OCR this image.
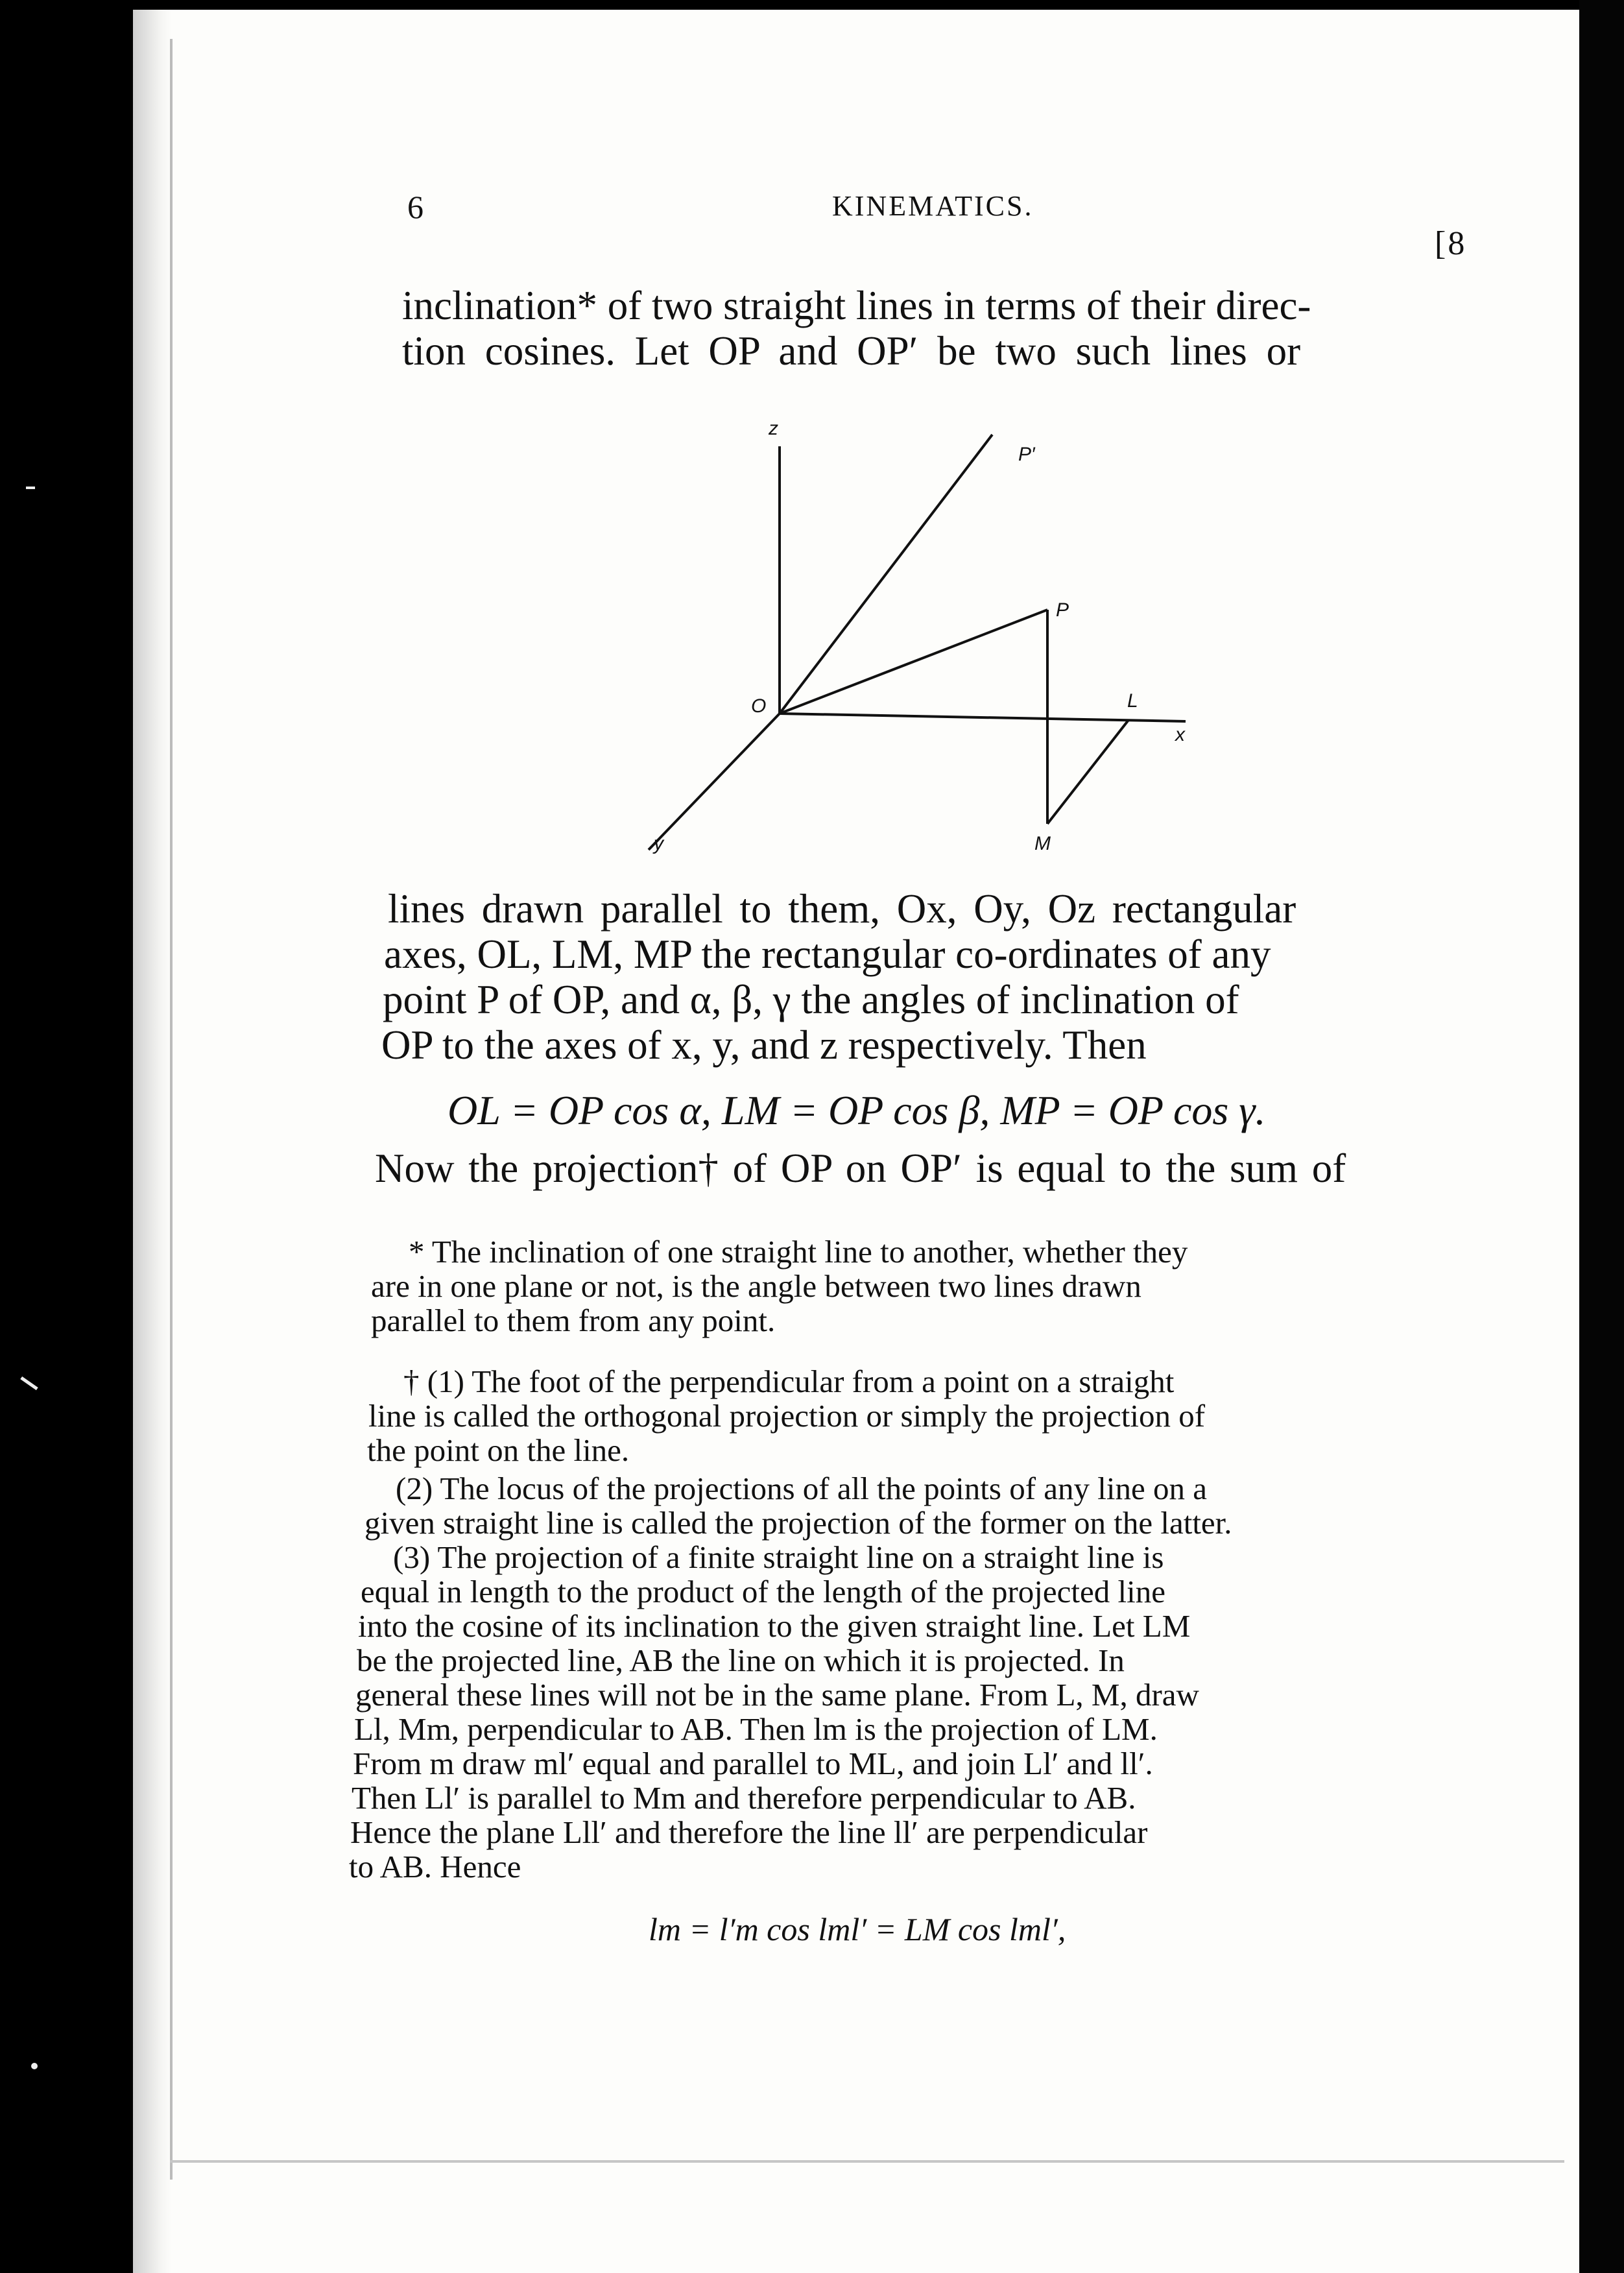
6	KINEMATICS.
[8
inclination* of two straight lines in terms of their direc-
tion cosines. Let OP and OP′ be two such lines or
z
P′
P
O	L
x
y	M
lines drawn parallel to them, Ox, Oy, Oz rectangular
axes, OL, LM, MP the rectangular co-ordinates of any
point P of OP, and α, β, γ the angles of inclination of
OP to the axes of x, y, and z respectively. Then
OL = OP cos α, LM = OP cos β, MP = OP cos γ.
Now the projection† of OP on OP′ is equal to the sum of
* The inclination of one straight line to another, whether they
are in one plane or not, is the angle between two lines drawn
parallel to them from any point.
† (1) The foot of the perpendicular from a point on a straight
line is called the orthogonal projection or simply the projection of
the point on the line.
(2) The locus of the projections of all the points of any line on a
given straight line is called the projection of the former on the latter.
(3) The projection of a finite straight line on a straight line is
equal in length to the product of the length of the projected line
into the cosine of its inclination to the given straight line. Let LM
be the projected line, AB the line on which it is projected. In
general these lines will not be in the same plane. From L, M, draw
Ll, Mm, perpendicular to AB. Then lm is the projection of LM.
From m draw ml′ equal and parallel to ML, and join Ll′ and ll′.
Then Ll′ is parallel to Mm and therefore perpendicular to AB.
Hence the plane Lll′ and therefore the line ll′ are perpendicular
to AB. Hence
lm = l′m cos lml′ = LM cos lml′,
